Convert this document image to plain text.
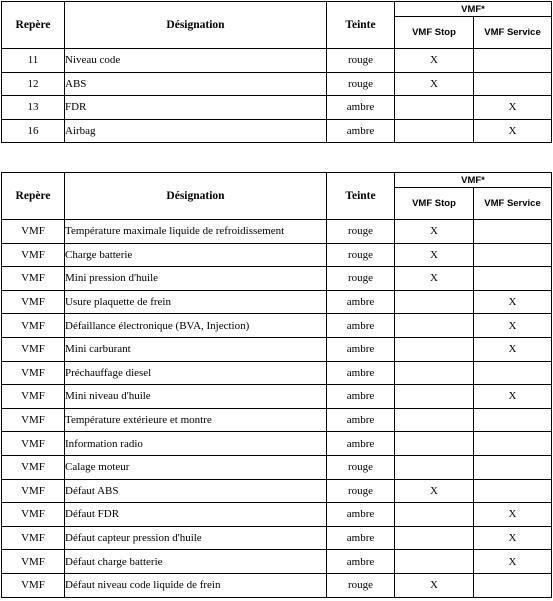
Repère	Désignation	Teinte	VMF*	
			VMF Stop	VMF Service
11	Niveau code	rouge	X	
12	ABS	rouge	X	
13	FDR	ambre		X
16	Airbag	ambre		X
Repère	Désignation	Teinte	VMF*	
			VMF Stop	VMF Service
VMF	Température maximale liquide de refroidissement	rouge	X	
VMF	Charge batterie	rouge	X	
VMF	Mini pression d'huile	rouge	X	
VMF	Usure plaquette de frein	ambre		X
VMF	Défaillance électronique (BVA, Injection)	ambre		X
VMF	Mini carburant	ambre		X
VMF	Préchauffage diesel	ambre		
VMF	Mini niveau d'huile	ambre		X
VMF	Température extérieure et montre	ambre		
VMF	Information radio	ambre		
VMF	Calage moteur	rouge		
VMF	Défaut ABS	rouge	X	
VMF	Défaut FDR	ambre		X
VMF	Défaut capteur pression d'huile	ambre		X
VMF	Défaut charge batterie	ambre		X
VMF	Défaut niveau code liquide de frein	rouge	X	
